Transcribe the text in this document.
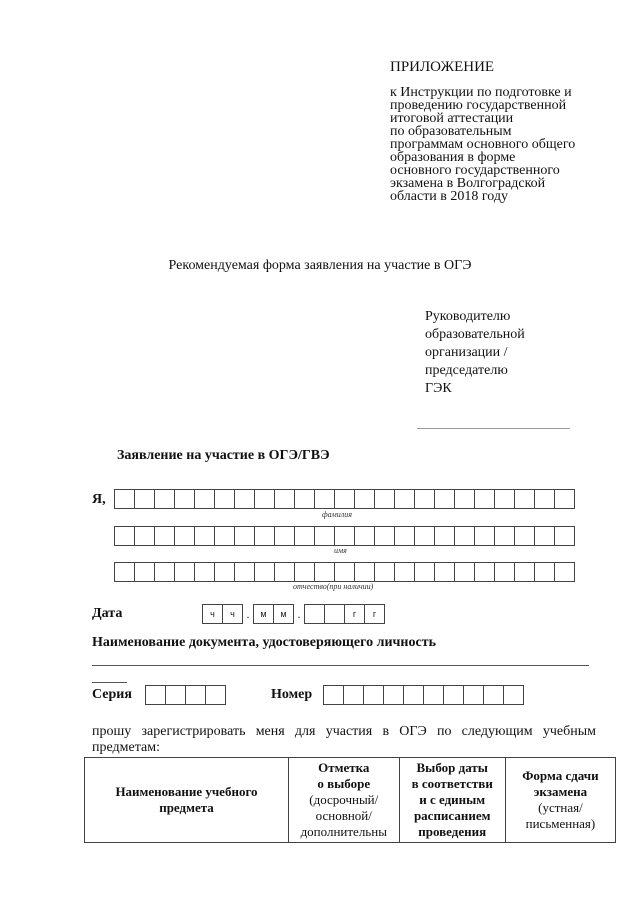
ПРИЛОЖЕНИЕ
к Инструкции по подготовке и
проведению государственной
итоговой аттестации
по образовательным
программам основного общего
образования в форме
основного государственного
экзамена в Волгоградской
области в 2018 году
Рекомендуемая форма заявления на участие в ОГЭ
Руководителю
образовательной
организации /
председателю
ГЭК
Заявление на участие в ОГЭ/ГВЭ
Я,
фамилия
имя
отчество(при наличии)
Дата	ч	ч .	м	м .	г	г
Наименование документа, удостоверяющего личность
Серия	Номер
прошу зарегистрировать меня для участия в ОГЭ по следующим учебным предметам:
Наименование учебного
предмета

Отметка
о выборе
(досрочный/
основной/
дополнительны

Выбор даты
в соответстви
и с единым
расписанием
проведения

Форма сдачи
экзамена
(устная/
письменная)
